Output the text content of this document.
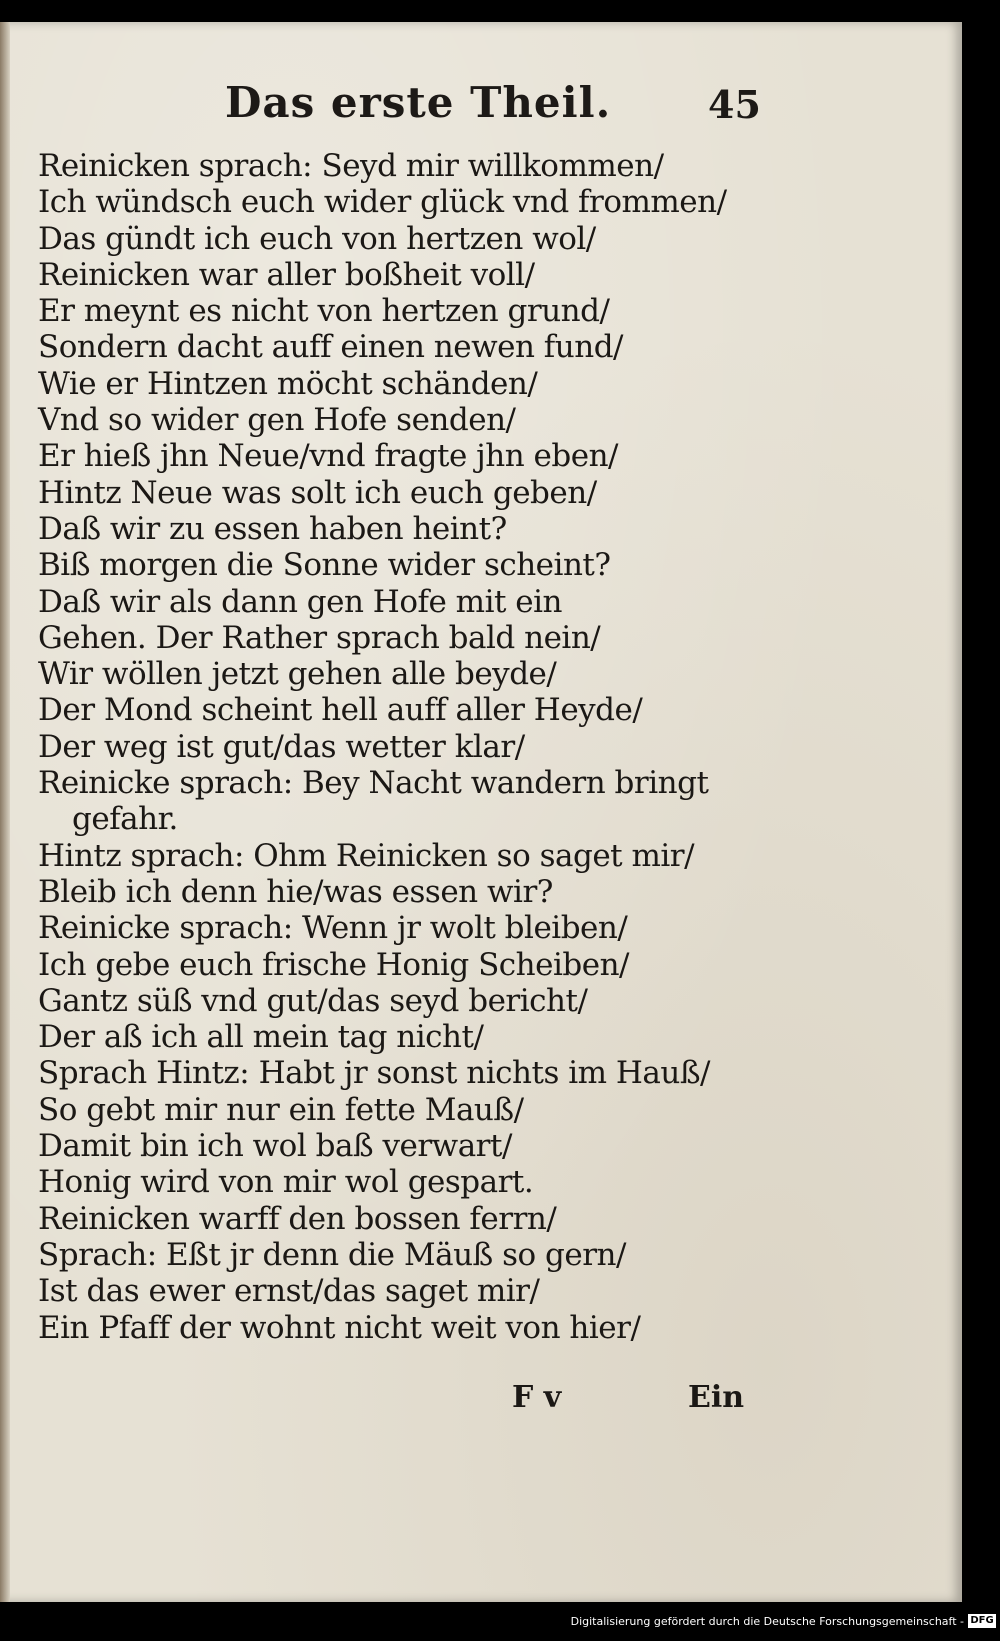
Das erste Theil.	45
Reinicken sprach: Seyd mir willkommen/
Ich wündsch euch wider glück vnd frommen/
Das gündt ich euch von hertzen wol/
Reinicken war aller boßheit voll/
Er meynt es nicht von hertzen grund/
Sondern dacht auff einen newen fund/
Wie er Hintzen möcht schänden/
Vnd so wider gen Hofe senden/
Er hieß jhn Neue/vnd fragte jhn eben/
Hintz Neue was solt ich euch geben/
Daß wir zu essen haben heint?
Biß morgen die Sonne wider scheint?
Daß wir als dann gen Hofe mit ein
Gehen. Der Rather sprach bald nein/
Wir wöllen jetzt gehen alle beyde/
Der Mond scheint hell auff aller Heyde/
Der weg ist gut/das wetter klar/
Reinicke sprach: Bey Nacht wandern bringt
gefahr.
Hintz sprach: Ohm Reinicken so saget mir/
Bleib ich denn hie/was essen wir?
Reinicke sprach: Wenn jr wolt bleiben/
Ich gebe euch frische Honig Scheiben/
Gantz süß vnd gut/das seyd bericht/
Der aß ich all mein tag nicht/
Sprach Hintz: Habt jr sonst nichts im Hauß/
So gebt mir nur ein fette Mauß/
Damit bin ich wol baß verwart/
Honig wird von mir wol gespart.
Reinicken warff den bossen ferrn/
Sprach: Eßt jr denn die Mäuß so gern/
Ist das ewer ernst/das saget mir/
Ein Pfaff der wohnt nicht weit von hier/
F v	Ein
Digitalisierung gefördert durch die Deutsche Forschungsgemeinschaft - DFG
